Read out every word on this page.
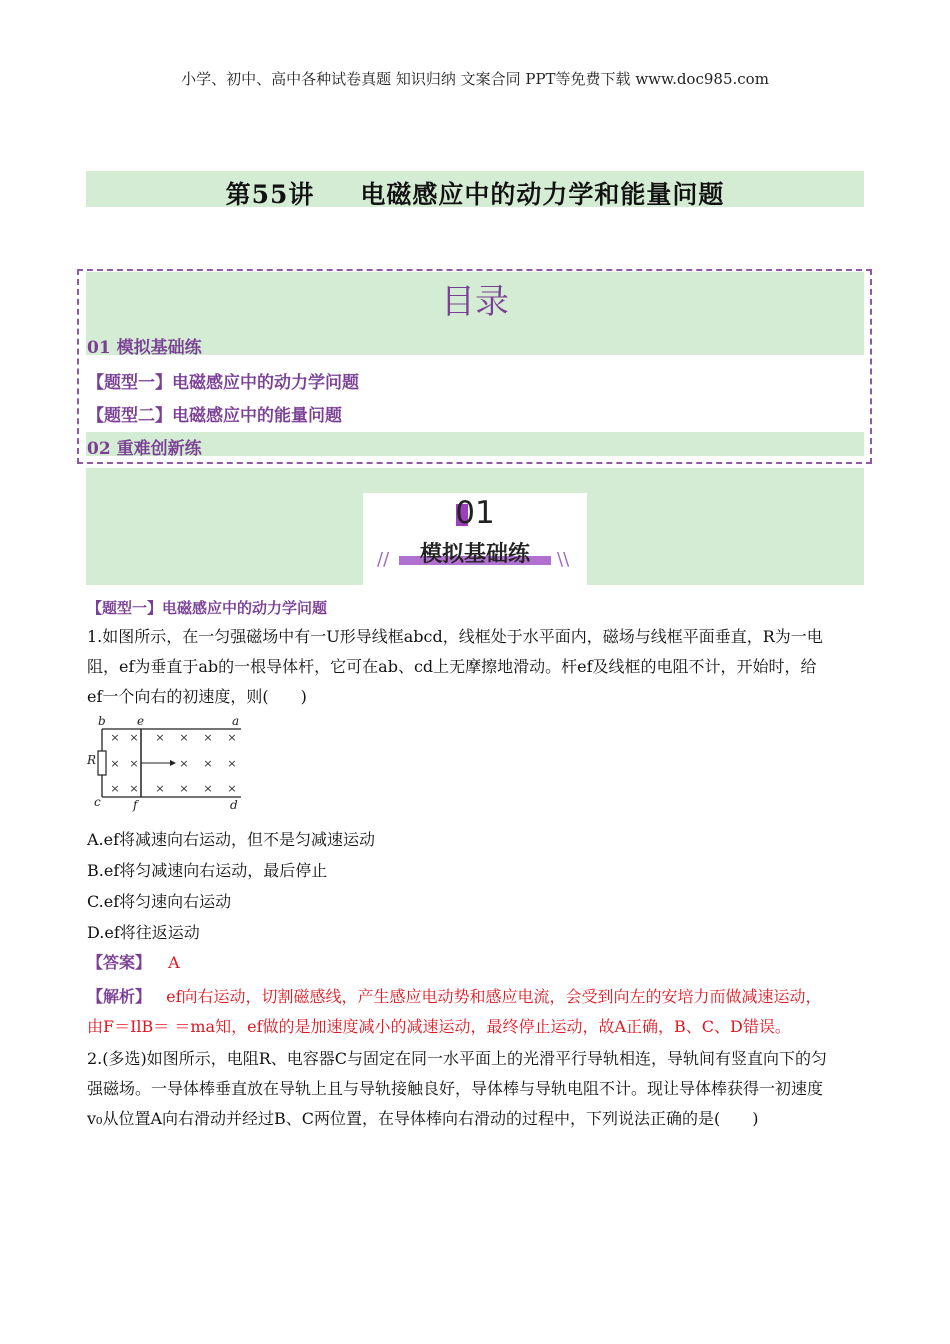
小学、初中、高中各种试卷真题 知识归纳 文案合同 PPT等免费下载 www.doc985.com
第55讲 电磁感应中的动力学和能量问题
目录
01 模拟基础练
【题型一】电磁感应中的动力学问题
【题型二】电磁感应中的能量问题
02 重难创新练
01
模拟基础练
//	\\
【题型一】电磁感应中的动力学问题
1.如图所示，在一匀强磁场中有一U形导线框abcd，线框处于水平面内，磁场与线框平面垂直，R为一电
阻，ef为垂直于ab的一根导体杆，它可在ab、cd上无摩擦地滑动。杆ef及线框的电阻不计，开始时，给
ef一个向右的初速度，则(　　)
b	e	a
R
c	f	d
× × × × × ×
× ×	× × ×
× × × × × ×
A.ef将减速向右运动，但不是匀减速运动
B.ef将匀减速向右运动，最后停止
C.ef将匀速向右运动
D.ef将往返运动
【答案】 A
【解析】 ef向右运动，切割磁感线，产生感应电动势和感应电流，会受到向左的安培力而做减速运动，
由F＝IlB＝ ＝ma知，ef做的是加速度减小的减速运动，最终停止运动，故A正确，B、C、D错误。
2.(多选)如图所示，电阻R、电容器C与固定在同一水平面上的光滑平行导轨相连，导轨间有竖直向下的匀
强磁场。一导体棒垂直放在导轨上且与导轨接触良好，导体棒与导轨电阻不计。现让导体棒获得一初速度
v₀从位置A向右滑动并经过B、C两位置，在导体棒向右滑动的过程中，下列说法正确的是(　　)
